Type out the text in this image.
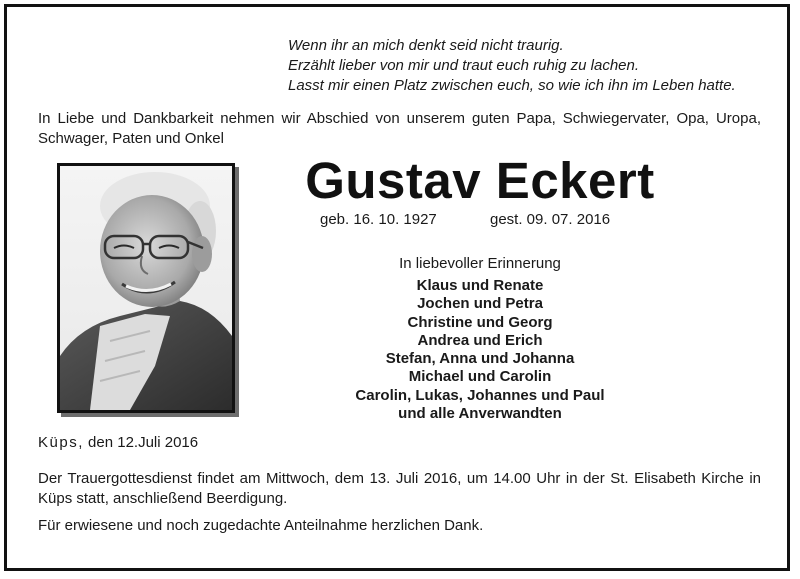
Wenn ihr an mich denkt seid nicht traurig.
Erzählt lieber von mir und traut euch ruhig zu lachen.
Lasst mir einen Platz zwischen euch, so wie ich ihn im Leben hatte.
In Liebe und Dankbarkeit nehmen wir Abschied von unserem guten Papa, Schwiegervater, Opa, Uropa, Schwager, Paten und Onkel
Gustav Eckert
geb. 16. 10. 1927	gest. 09. 07. 2016
In liebevoller Erinnerung
Klaus und Renate
Jochen und Petra
Christine und Georg
Andrea und Erich
Stefan, Anna und Johanna
Michael und Carolin
Carolin, Lukas, Johannes und Paul
und alle Anverwandten
Küps, den 12.Juli 2016
Der Trauergottesdienst findet am Mittwoch, dem 13. Juli 2016, um 14.00 Uhr in der St. Elisabeth Kirche in Küps statt, anschließend Beerdigung.
Für erwiesene und noch zugedachte Anteilnahme herzlichen Dank.
